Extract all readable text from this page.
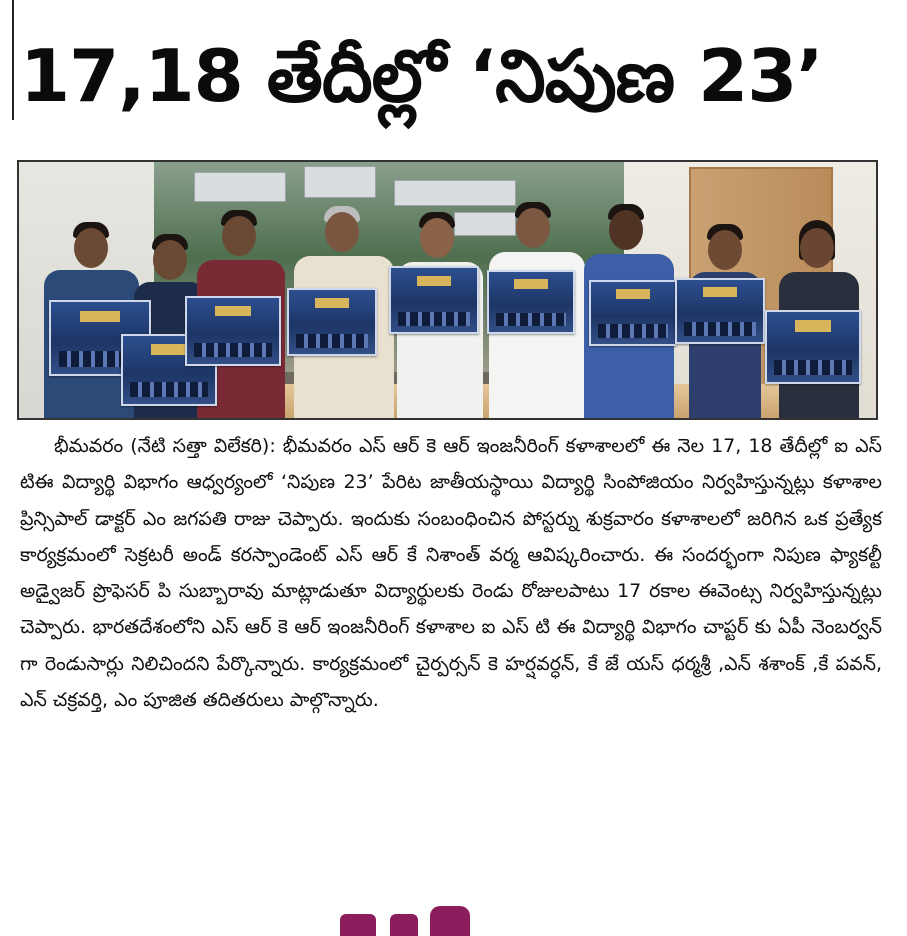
17,18 తేదీల్లో ‘నిపుణ 23’

భీమవరం (నేటి సత్తా విలేకరి): భీమవరం ఎస్ ఆర్ కె ఆర్ ఇంజనీరింగ్ కళాశాలలో ఈ నెల 17, 18 తేదీల్లో ఐ ఎస్ టిఈ విద్యార్థి విభాగం ఆధ్వర్యంలో ‘నిపుణ 23’ పేరిట జాతీయస్థాయి విద్యార్థి సింపోజియం నిర్వహిస్తున్నట్లు కళాశాల ప్రిన్సిపాల్ డాక్టర్ ఎం జగపతి రాజు చెప్పారు. ఇందుకు సంబంధించిన పోస్టర్ను శుక్రవారం కళాశాలలో జరిగిన ఒక ప్రత్యేక కార్యక్రమంలో సెక్రటరీ అండ్ కరస్పాండెంట్ ఎస్ ఆర్ కే నిశాంత్ వర్మ ఆవిష్కరించారు. ఈ సందర్భంగా నిపుణ ఫ్యాకల్టీ అడ్వైజర్ ప్రొఫెసర్ పి సుబ్బారావు మాట్లాడుతూ విద్యార్థులకు రెండు రోజులపాటు 17 రకాల ఈవెంట్స నిర్వహిస్తున్నట్లు చెప్పారు. భారతదేశంలోని ఎస్ ఆర్ కె ఆర్ ఇంజనీరింగ్ కళాశాల ఐ ఎస్ టి ఈ విద్యార్థి విభాగం చాప్టర్ కు ఏపీ నెంబర్వన్ గా రెండుసార్లు నిలిచిందని పేర్కొన్నారు. కార్యక్రమంలో చైర్పర్సన్ కె హర్షవర్ధన్, కే జే యస్ ధర్మశ్రీ ,ఎన్ శశాంక్ ,కే పవన్, ఎన్ చక్రవర్తి, ఎం పూజిత తదితరులు పాల్గొన్నారు.
